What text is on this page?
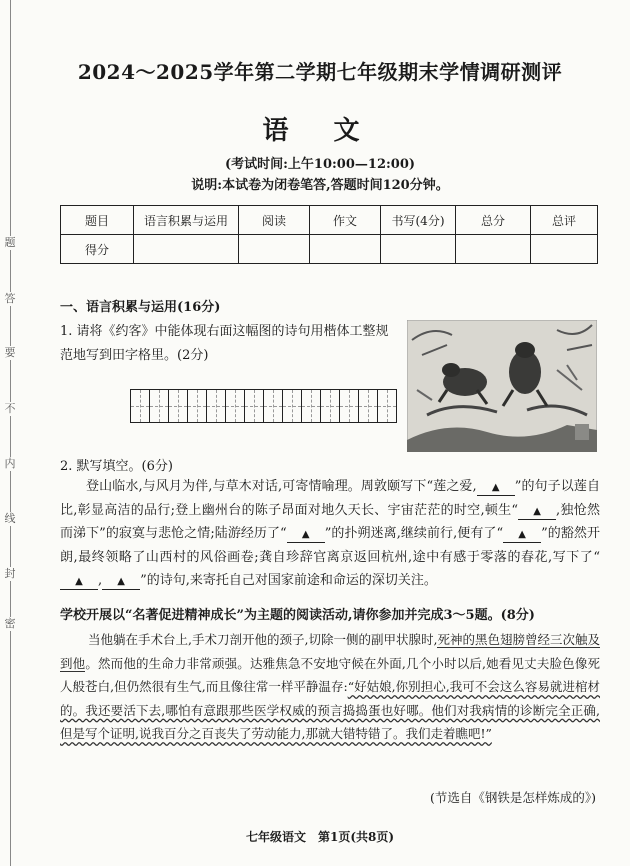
题
答
要
不
内
线
封
密
2024～2025学年第二学期七年级期末学情调研测评
语 文
(考试时间:上午10:00—12:00)
说明:本试卷为闭卷笔答,答题时间120分钟。
题目	语言积累与运用	阅读	作文	书写(4分)	总分	总评
得分						
一、语言积累与运用(16分)
1. 请将《约客》中能体现右面这幅图的诗句用楷体工整规范地写到田字格里。(2分)
2. 默写填空。(6分)
登山临水,与风月为伴,与草木对话,可寄情喻理。周敦颐写下“莲之爱, ▲ ”的句子以莲自比,彰显高洁的品行;登上幽州台的陈子昂面对地久天长、宇宙茫茫的时空,顿生“ ▲ ,独怆然而涕下”的寂寞与悲怆之情;陆游经历了“ ▲ ”的扑朔迷离,继续前行,便有了“ ▲ ”的豁然开朗,最终领略了山西村的风俗画卷;龚自珍辞官离京返回杭州,途中有感于零落的春花,写下了“▲ , ▲ ”的诗句,来寄托自己对国家前途和命运的深切关注。
学校开展以“名著促进精神成长”为主题的阅读活动,请你参加并完成3～5题。(8分)
当他躺在手术台上,手术刀剖开他的颈子,切除一侧的副甲状腺时,死神的黑色翅膀曾经三次触及到他。然而他的生命力非常顽强。达雅焦急不安地守候在外面,几个小时以后,她看见丈夫脸色像死人般苍白,但仍然很有生气,而且像往常一样平静温存:“好姑娘,你别担心,我可不会这么容易就进棺材的。我还要活下去,哪怕有意跟那些医学权威的预言捣捣蛋也好哪。他们对我病情的诊断完全正确,但是写个证明,说我百分之百丧失了劳动能力,那就大错特错了。我们走着瞧吧!”
(节选自《钢铁是怎样炼成的》)
七年级语文　第1页(共8页)
